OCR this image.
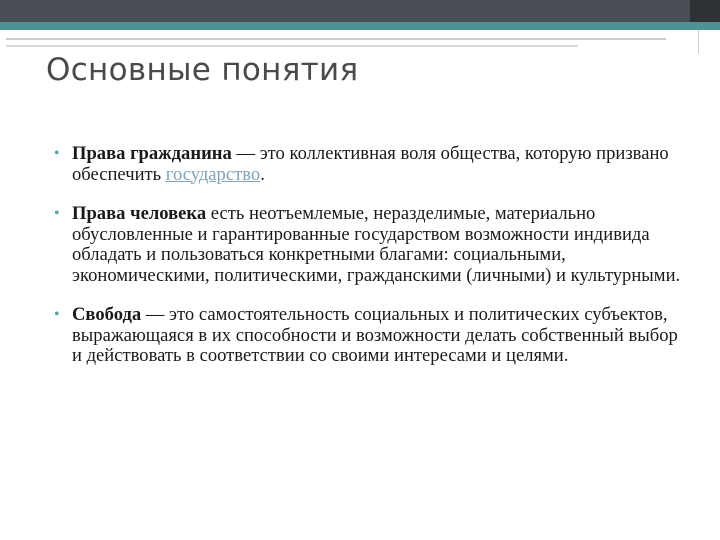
Основные понятия
• Права гражданина — это коллективная воля общества, которую призвано обеспечить государство.
• Права человека есть неотъемлемые, неразделимые, материально обусловленные и гарантированные государством возможности индивида обладать и пользоваться конкретными благами: социальными, экономическими, политическими, гражданскими (личными) и культурными.
• Свобода — это самостоятельность социальных и политических субъектов, выражающаяся в их способности и возможности делать собственный выбор и действовать в соответствии со своими интересами и целями.
